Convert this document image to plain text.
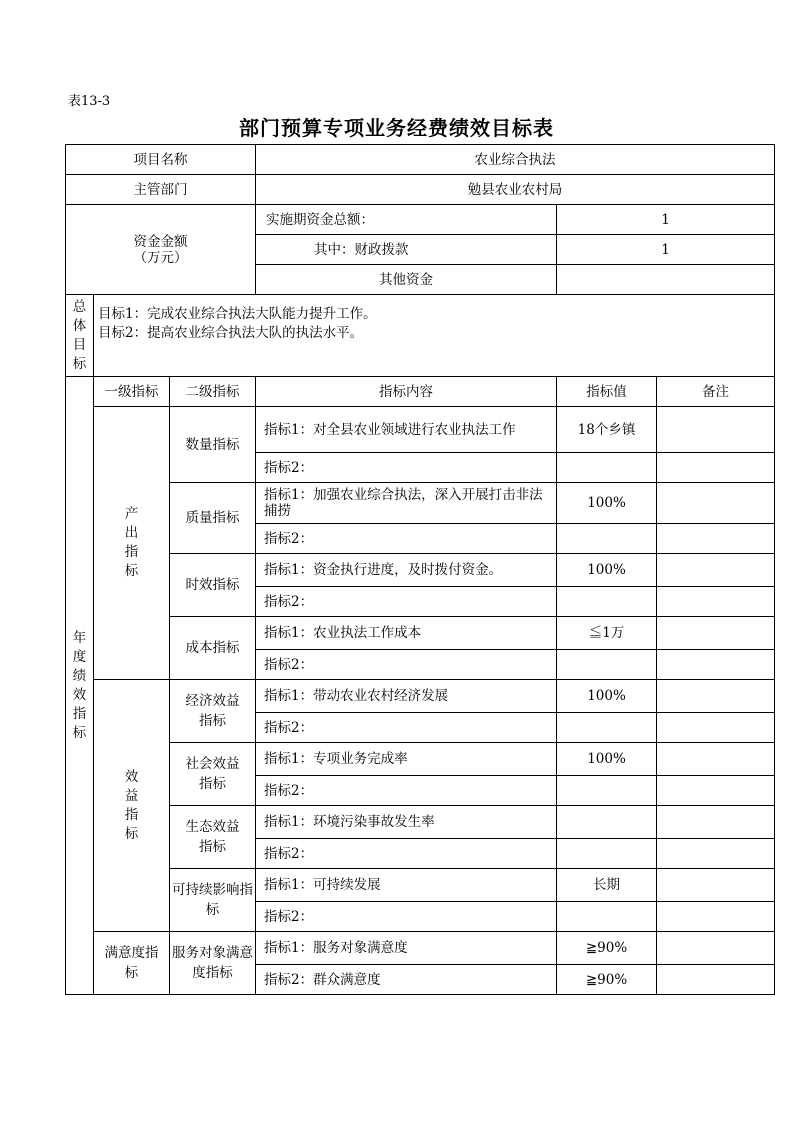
表13-3
部门预算专项业务经费绩效目标表
项目名称			农业综合执法		
主管部门			勉县农业农村局		

资金金额
（万元）			实施期资金总额：	1	
			其中：财政拨款	1	
			其他资金		
总体目标	目标1：完成农业综合执法大队能力提升工作。
目标2：提高农业综合执法大队的执法水平。				

年度绩效指标	一级指标	二级指标	指标内容	指标值	备注
	产出指标	数量指标	指标1：对全县农业领域进行农业执法工作	18个乡镇	
			指标2：		
		质量指标	指标1：加强农业综合执法，深入开展打击非法捕捞	100%	
			指标2：		
		时效指标	指标1：资金执行进度，及时拨付资金。	100%	
			指标2：		
		成本指标	指标1：农业执法工作成本	≦1万	
			指标2：		
	效益指标	经济效益指标	指标1：带动农业农村经济发展	100%	
			指标2：		
		社会效益指标	指标1：专项业务完成率	100%	
			指标2：		
		生态效益指标	指标1：环境污染事故发生率		
			指标2：		
		可持续影响指标	指标1：可持续发展	长期	
			指标2：		
	满意度指标	服务对象满意度指标	指标1：服务对象满意度	≧90%	
			指标2：群众满意度	≧90%	
